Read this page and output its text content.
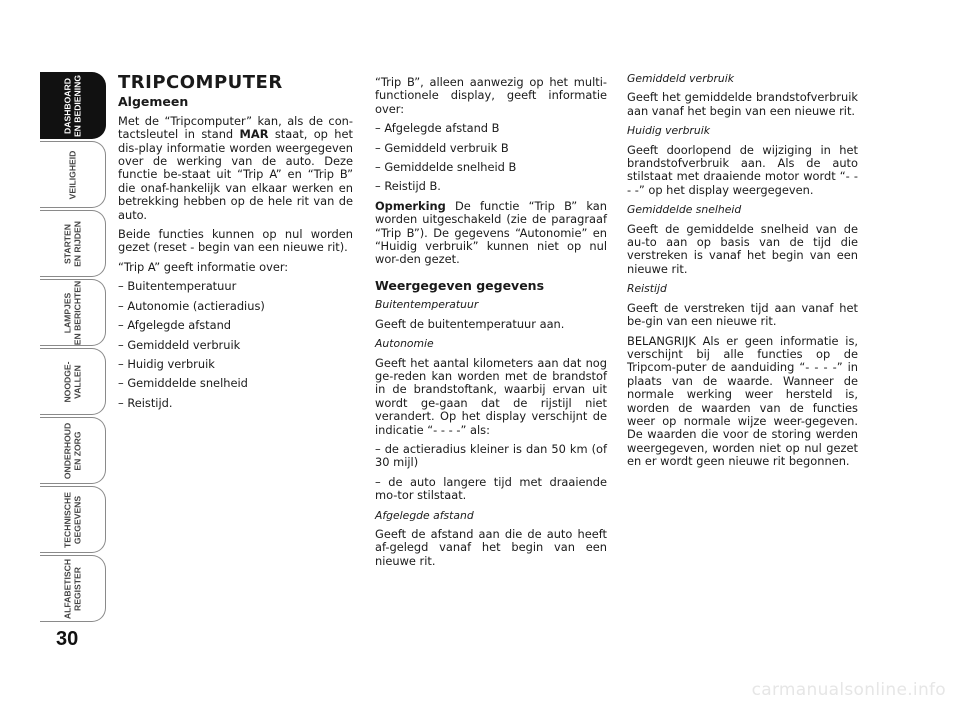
DASHBOARD EN BEDIENING
VEILIGHEID
STARTEN EN RIJDEN
LAMPJES EN BERICHTEN
NOODGE- VALLEN
ONDERHOUD EN ZORG
TECHNISCHE GEGEVENS
ALFABETISCH REGISTER
30

TRIPCOMPUTER

Algemeen

Met de “Tripcomputer” kan, als de con-tactsleutel in stand MAR staat, op het dis-play informatie worden weergegeven over de werking van de auto. Deze functie be-staat uit “Trip A” en “Trip B” die onaf-hankelijk van elkaar werken en betrekking hebben op de hele rit van de auto.

Beide functies kunnen op nul worden gezet (reset - begin van een nieuwe rit).

“Trip A” geeft informatie over:

– Buitentemperatuur

– Autonomie (actieradius)

– Afgelegde afstand

– Gemiddeld verbruik

– Huidig verbruik

– Gemiddelde snelheid

– Reistijd.

“Trip B”, alleen aanwezig op het multi-functionele display, geeft informatie over:

– Afgelegde afstand B

– Gemiddeld verbruik B

– Gemiddelde snelheid B

– Reistijd B.

Opmerking De functie “Trip B” kan worden uitgeschakeld (zie de paragraaf “Trip B”). De gegevens “Autonomie” en “Huidig verbruik” kunnen niet op nul wor-den gezet.

Weergegeven gegevens

Buitentemperatuur

Geeft de buitentemperatuur aan.

Autonomie

Geeft het aantal kilometers aan dat nog ge-reden kan worden met de brandstof in de brandstoftank, waarbij ervan uit wordt ge-gaan dat de rijstijl niet verandert. Op het display verschijnt de indicatie “- - - -” als:

– de actieradius kleiner is dan 50 km (of 30 mijl)

– de auto langere tijd met draaiende mo-tor stilstaat.

Afgelegde afstand

Geeft de afstand aan die de auto heeft af-gelegd vanaf het begin van een nieuwe rit.

Gemiddeld verbruik

Geeft het gemiddelde brandstofverbruik aan vanaf het begin van een nieuwe rit.

Huidig verbruik

Geeft doorlopend de wijziging in het brandstofverbruik aan. Als de auto stilstaat met draaiende motor wordt “- - - -” op het display weergegeven.

Gemiddelde snelheid

Geeft de gemiddelde snelheid van de au-to aan op basis van de tijd die verstreken is vanaf het begin van een nieuwe rit.

Reistijd

Geeft de verstreken tijd aan vanaf het be-gin van een nieuwe rit.

BELANGRIJK Als er geen informatie is, verschijnt bij alle functies op de Tripcom-puter de aanduiding “- - - -” in plaats van de waarde. Wanneer de normale werking weer hersteld is, worden de waarden van de functies weer op normale wijze weer-gegeven. De waarden die voor de storing werden weergegeven, worden niet op nul gezet en er wordt geen nieuwe rit begonnen.

carmanualsonline.info
